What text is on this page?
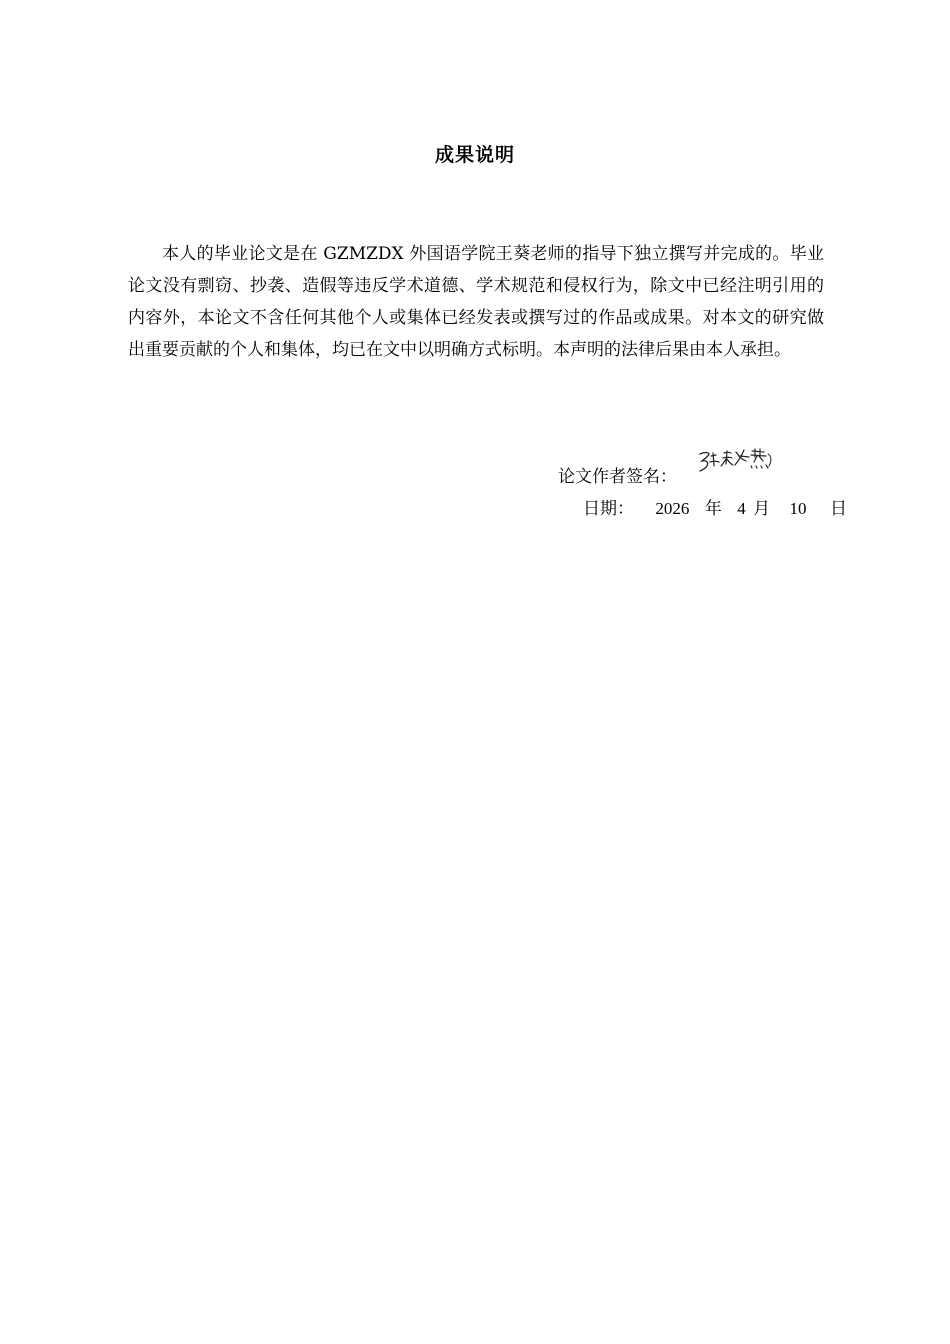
成果说明

本人的毕业论文是在 GZMZDX 外国语学院王葵老师的指导下独立撰写并完成的。毕业论文没有剽窃、抄袭、造假等违反学术道德、学术规范和侵权行为，除文中已经注明引用的内容外，本论文不含任何其他个人或集体已经发表或撰写过的作品或成果。对本文的研究做出重要贡献的个人和集体，均已在文中以明确方式标明。本声明的法律后果由本人承担。

论文作者签名：
日期： 2026 年 4 月 10 日
